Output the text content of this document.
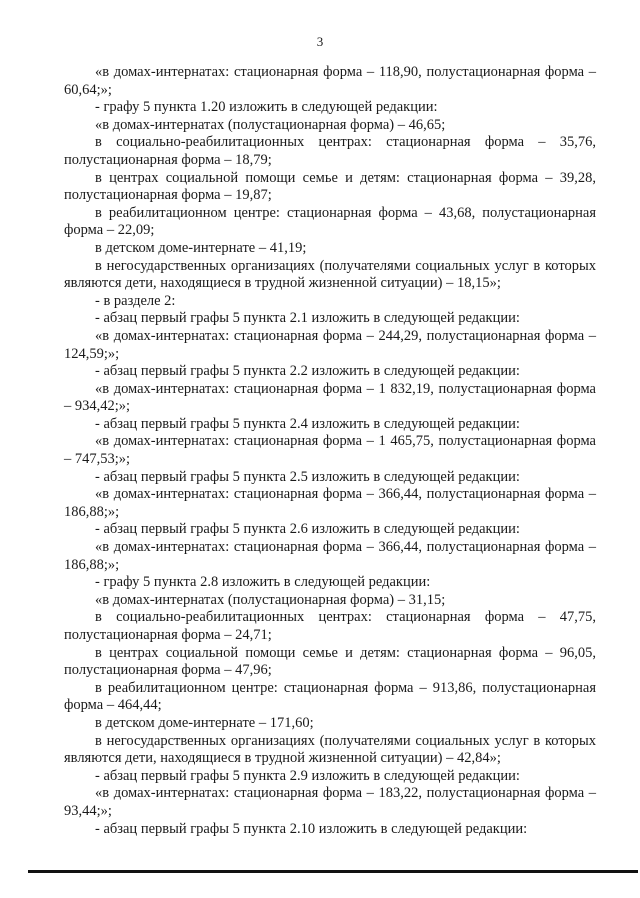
3

«в домах-интернатах: стационарная форма – 118,90, полустационарная форма – 60,64;»;

- графу 5 пункта 1.20 изложить в следующей редакции:

«в домах-интернатах (полустационарная форма) – 46,65;

в социально-реабилитационных центрах: стационарная форма – 35,76, полустационарная форма – 18,79;

в центрах социальной помощи семье и детям: стационарная форма – 39,28, полустационарная форма – 19,87;

в реабилитационном центре: стационарная форма – 43,68, полустационарная форма – 22,09;

в детском доме-интернате – 41,19;

в негосударственных организациях (получателями социальных услуг в которых являются дети, находящиеся в трудной жизненной ситуации) – 18,15»;

- в разделе 2:

- абзац первый графы 5 пункта 2.1 изложить в следующей редакции:

«в домах-интернатах: стационарная форма – 244,29, полустационарная форма – 124,59;»;

- абзац первый графы 5 пункта 2.2 изложить в следующей редакции:

«в домах-интернатах: стационарная форма – 1 832,19, полустационарная форма – 934,42;»;

- абзац первый графы 5 пункта 2.4 изложить в следующей редакции:

«в домах-интернатах: стационарная форма – 1 465,75, полустационарная форма – 747,53;»;

- абзац первый графы 5 пункта 2.5 изложить в следующей редакции:

«в домах-интернатах: стационарная форма – 366,44, полустационарная форма – 186,88;»;

- абзац первый графы 5 пункта 2.6 изложить в следующей редакции:

«в домах-интернатах: стационарная форма – 366,44, полустационарная форма – 186,88;»;

- графу 5 пункта 2.8 изложить в следующей редакции:

«в домах-интернатах (полустационарная форма) – 31,15;

в социально-реабилитационных центрах: стационарная форма – 47,75, полустационарная форма – 24,71;

в центрах социальной помощи семье и детям: стационарная форма – 96,05, полустационарная форма – 47,96;

в реабилитационном центре: стационарная форма – 913,86, полустационарная форма – 464,44;

в детском доме-интернате – 171,60;

в негосударственных организациях (получателями социальных услуг в которых являются дети, находящиеся в трудной жизненной ситуации) – 42,84»;

- абзац первый графы 5 пункта 2.9 изложить в следующей редакции:

«в домах-интернатах: стационарная форма – 183,22, полустационарная форма – 93,44;»;

- абзац первый графы 5 пункта 2.10 изложить в следующей редакции:
